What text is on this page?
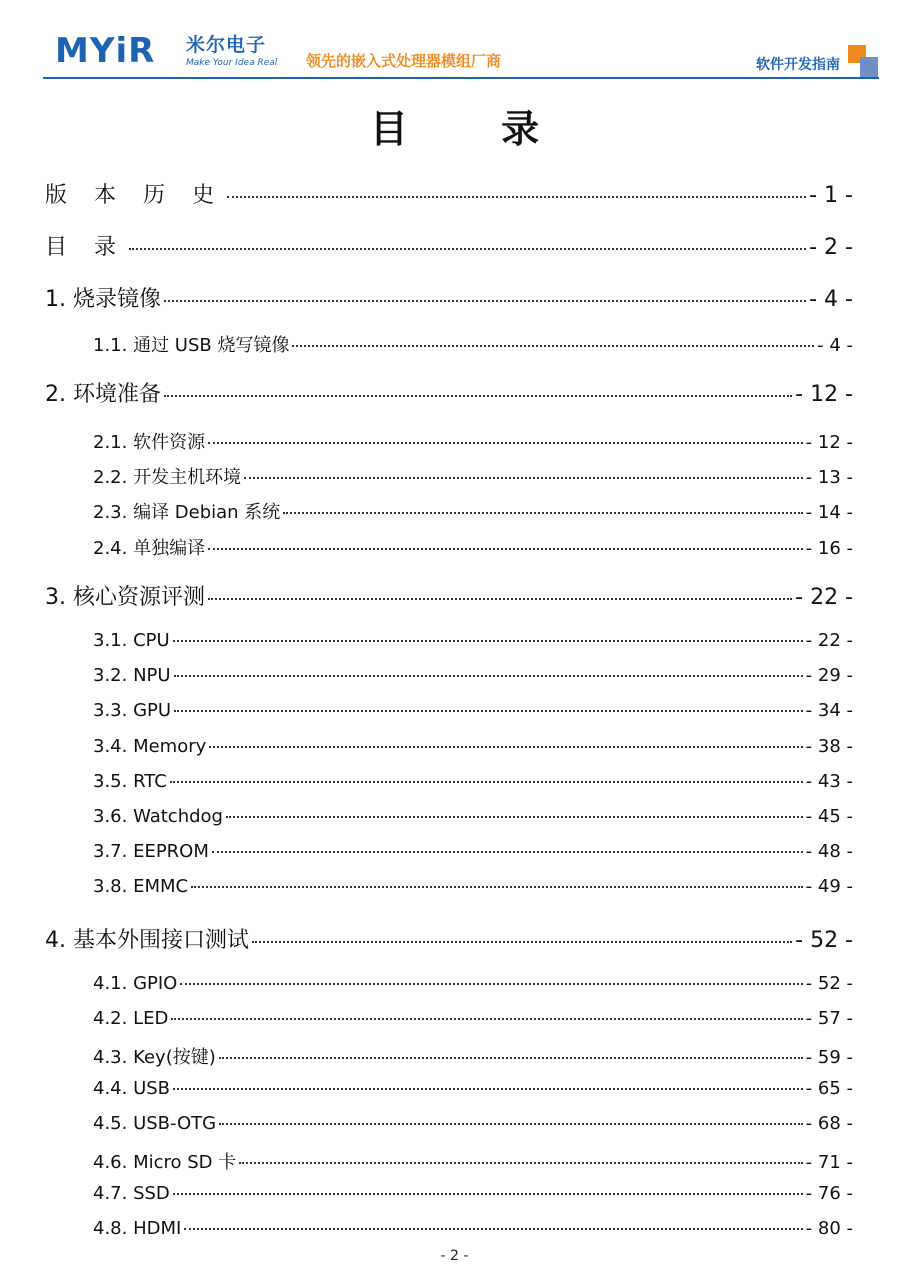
MYiR 米尔电子
Make Your Idea Real 领先的嵌入式处理器模组厂商	软件开发指南
目 录
版 本 历 史	- 1 -
目 录	- 2 -
1. 烧录镜像	- 4 -
1.1. 通过 USB 烧写镜像	- 4 -
2. 环境准备	- 12 -
2.1. 软件资源	- 12 -
2.2. 开发主机环境	- 13 -
2.3. 编译 Debian 系统	- 14 -
2.4. 单独编译	- 16 -
3. 核心资源评测	- 22 -
3.1. CPU	- 22 -
3.2. NPU	- 29 -
3.3. GPU	- 34 -
3.4. Memory	- 38 -
3.5. RTC	- 43 -
3.6. Watchdog	- 45 -
3.7. EEPROM	- 48 -
3.8. EMMC	- 49 -
4. 基本外围接口测试	- 52 -
4.1. GPIO	- 52 -
4.2. LED	- 57 -
4.3. Key(按键)	- 59 -
4.4. USB	- 65 -
4.5. USB-OTG	- 68 -
4.6. Micro SD 卡	- 71 -
4.7. SSD	- 76 -
4.8. HDMI	- 80 -
- 2 -
